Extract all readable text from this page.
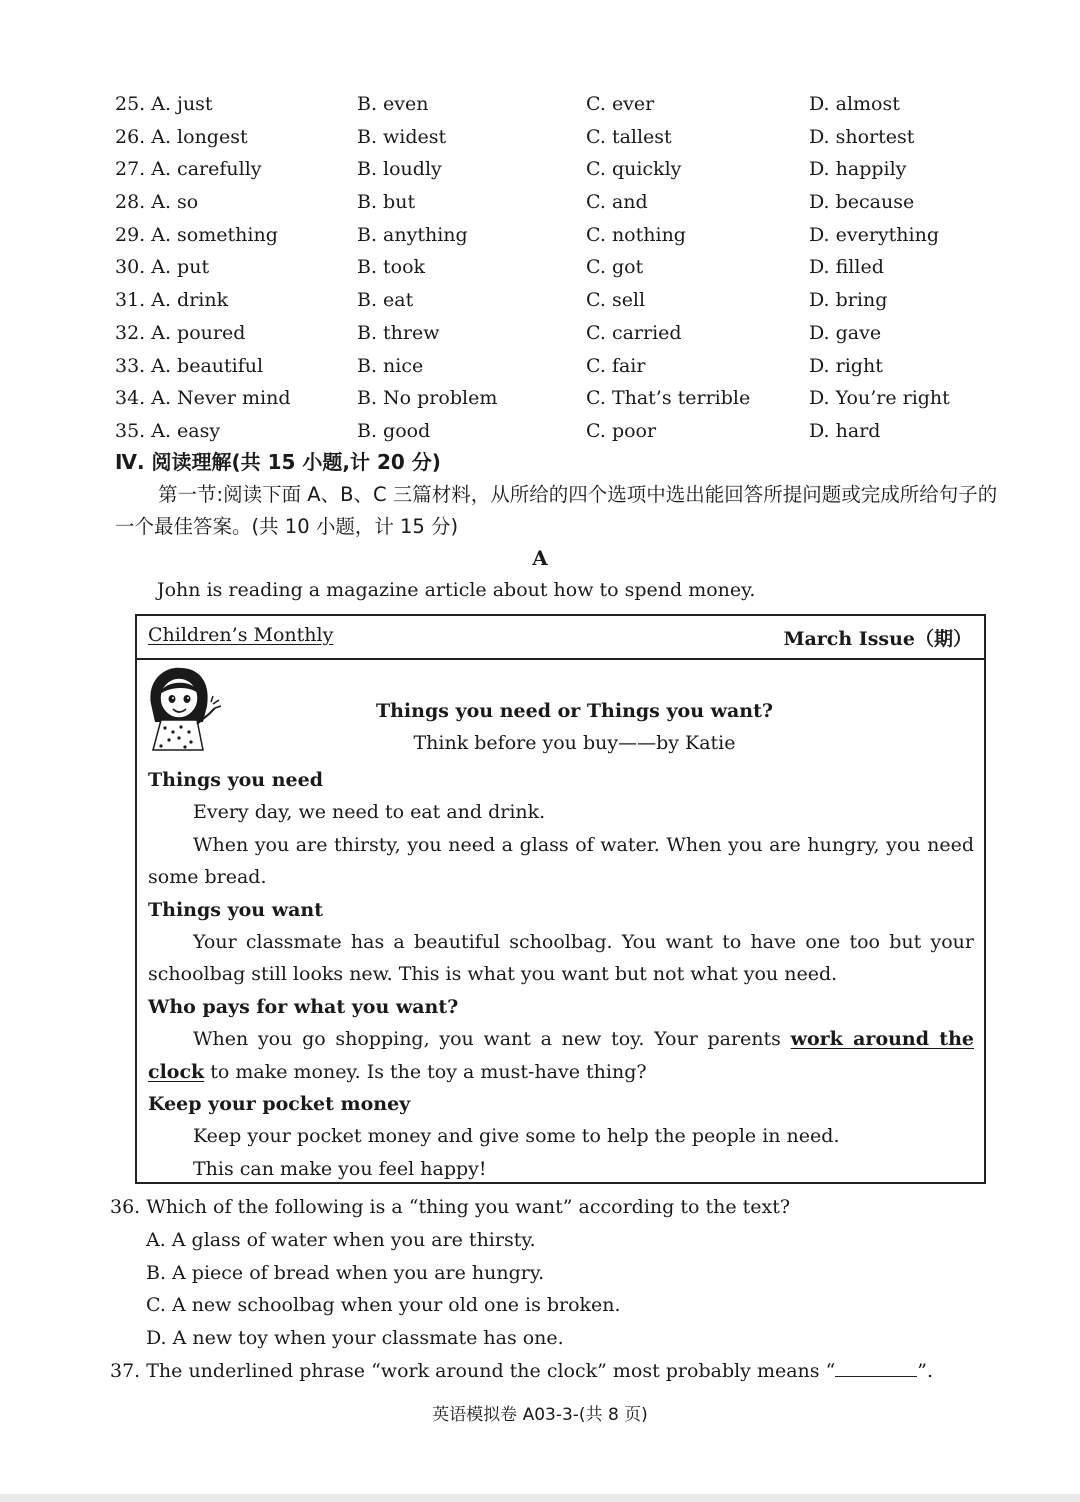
25. A. just	B. even	C. ever	D. almost
26. A. longest	B. widest	C. tallest	D. shortest
27. A. carefully	B. loudly	C. quickly	D. happily
28. A. so	B. but	C. and	D. because
29. A. something	B. anything	C. nothing	D. everything
30. A. put	B. took	C. got	D. filled
31. A. drink	B. eat	C. sell	D. bring
32. A. poured	B. threw	C. carried	D. gave
33. A. beautiful	B. nice	C. fair	D. right
34. A. Never mind	B. No problem	C. That’s terrible	D. You’re right
35. A. easy	B. good	C. poor	D. hard
Ⅳ. 阅读理解(共 15 小题,计 20 分)
第一节:阅读下面 A、B、C 三篇材料，从所给的四个选项中选出能回答所提问题或完成所给句子的一个最佳答案。(共 10 小题，计 15 分)
A
John is reading a magazine article about how to spend money.
Children’s Monthly	March Issue（期）
Things you need or Things you want?
Think before you buy——by Katie
Things you need
Every day, we need to eat and drink.
When you are thirsty, you need a glass of water. When you are hungry, you need some bread.
Things you want
Your classmate has a beautiful schoolbag. You want to have one too but your schoolbag still looks new. This is what you want but not what you need.
Who pays for what you want?
When you go shopping, you want a new toy. Your parents work around the clock to make money. Is the toy a must-have thing?
Keep your pocket money
Keep your pocket money and give some to help the people in need.
This can make you feel happy!
36. Which of the following is a “thing you want” according to the text?
A. A glass of water when you are thirsty.
B. A piece of bread when you are hungry.
C. A new schoolbag when your old one is broken.
D. A new toy when your classmate has one.
37. The underlined phrase “work around the clock” most probably means “	”.
英语模拟卷 A03-3-(共 8 页)
